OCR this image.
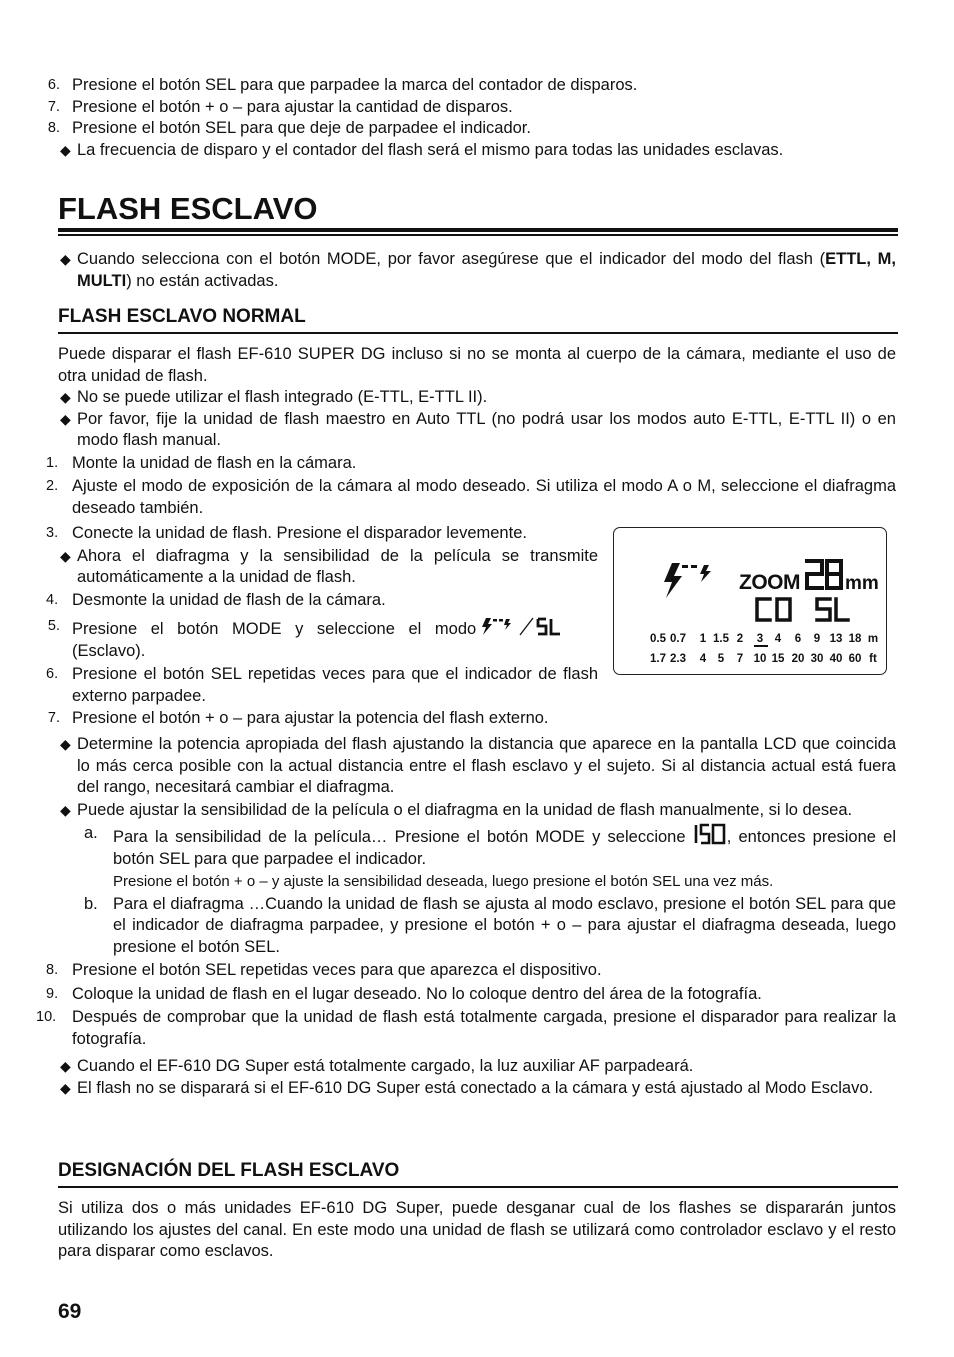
6. Presione el botón SEL para que parpadee la marca del contador de disparos.

7. Presione el botón + o – para ajustar la cantidad de disparos.

8. Presione el botón SEL para que deje de parpadee el indicador.

◆ La frecuencia de disparo y el contador del flash será el mismo para todas las unidades esclavas.

FLASH ESCLAVO

◆ Cuando selecciona con el botón MODE, por favor asegúrese que el indicador del modo del flash (ETTL, M, MULTI) no están activadas.

FLASH ESCLAVO NORMAL

Puede disparar el flash EF-610 SUPER DG incluso si no se monta al cuerpo de la cámara, mediante el uso de otra unidad de flash.

◆ No se puede utilizar el flash integrado (E-TTL, E-TTL II).

◆ Por favor, fije la unidad de flash maestro en Auto TTL (no podrá usar los modos auto E-TTL, E-TTL II) o en modo flash manual.

1. Monte la unidad de flash en la cámara.

2. Ajuste el modo de exposición de la cámara al modo deseado. Si utiliza el modo A o M, seleccione el diafragma deseado también.

3. Conecte la unidad de flash. Presione el disparador levemente.

◆ Ahora el diafragma y la sensibilidad de la película se transmite automáticamente a la unidad de flash.

4. Desmonte la unidad de flash de la cámara.

5. Presione el botón MODE y seleccione el modo
(Esclavo).

6. Presione el botón SEL repetidas veces para que el indicador de flash externo parpadee.

7. Presione el botón + o – para ajustar la potencia del flash externo.

ZOOM mm
0.5 0.7 1 1.5 2 3 4 6 9 13 18 m
1.7 2.3 4 5 7 10 15 20 30 40 60 ft

◆ Determine la potencia apropiada del flash ajustando la distancia que aparece en la pantalla LCD que coincida lo más cerca posible con la actual distancia entre el flash esclavo y el sujeto. Si al distancia actual está fuera del rango, necesitará cambiar el diafragma.

◆ Puede ajustar la sensibilidad de la película o el diafragma en la unidad de flash manualmente, si lo desea.

a. Para la sensibilidad de la película… Presione el botón MODE y seleccione , entonces presione el botón SEL para que parpadee el indicador.

Presione el botón + o – y ajuste la sensibilidad deseada, luego presione el botón SEL una vez más.

b. Para el diafragma …Cuando la unidad de flash se ajusta al modo esclavo, presione el botón SEL para que el indicador de diafragma parpadee, y presione el botón + o – para ajustar el diafragma deseada, luego presione el botón SEL.

8. Presione el botón SEL repetidas veces para que aparezca el dispositivo.

9. Coloque la unidad de flash en el lugar deseado. No lo coloque dentro del área de la fotografía.

10. Después de comprobar que la unidad de flash está totalmente cargada, presione el disparador para realizar la fotografía.

◆ Cuando el EF-610 DG Super está totalmente cargado, la luz auxiliar AF parpadeará.

◆ El flash no se disparará si el EF-610 DG Super está conectado a la cámara y está ajustado al Modo Esclavo.

DESIGNACIÓN DEL FLASH ESCLAVO

Si utiliza dos o más unidades EF-610 DG Super, puede desganar cual de los flashes se dispararán juntos utilizando los ajustes del canal. En este modo una unidad de flash se utilizará como controlador esclavo y el resto para disparar como esclavos.

69
